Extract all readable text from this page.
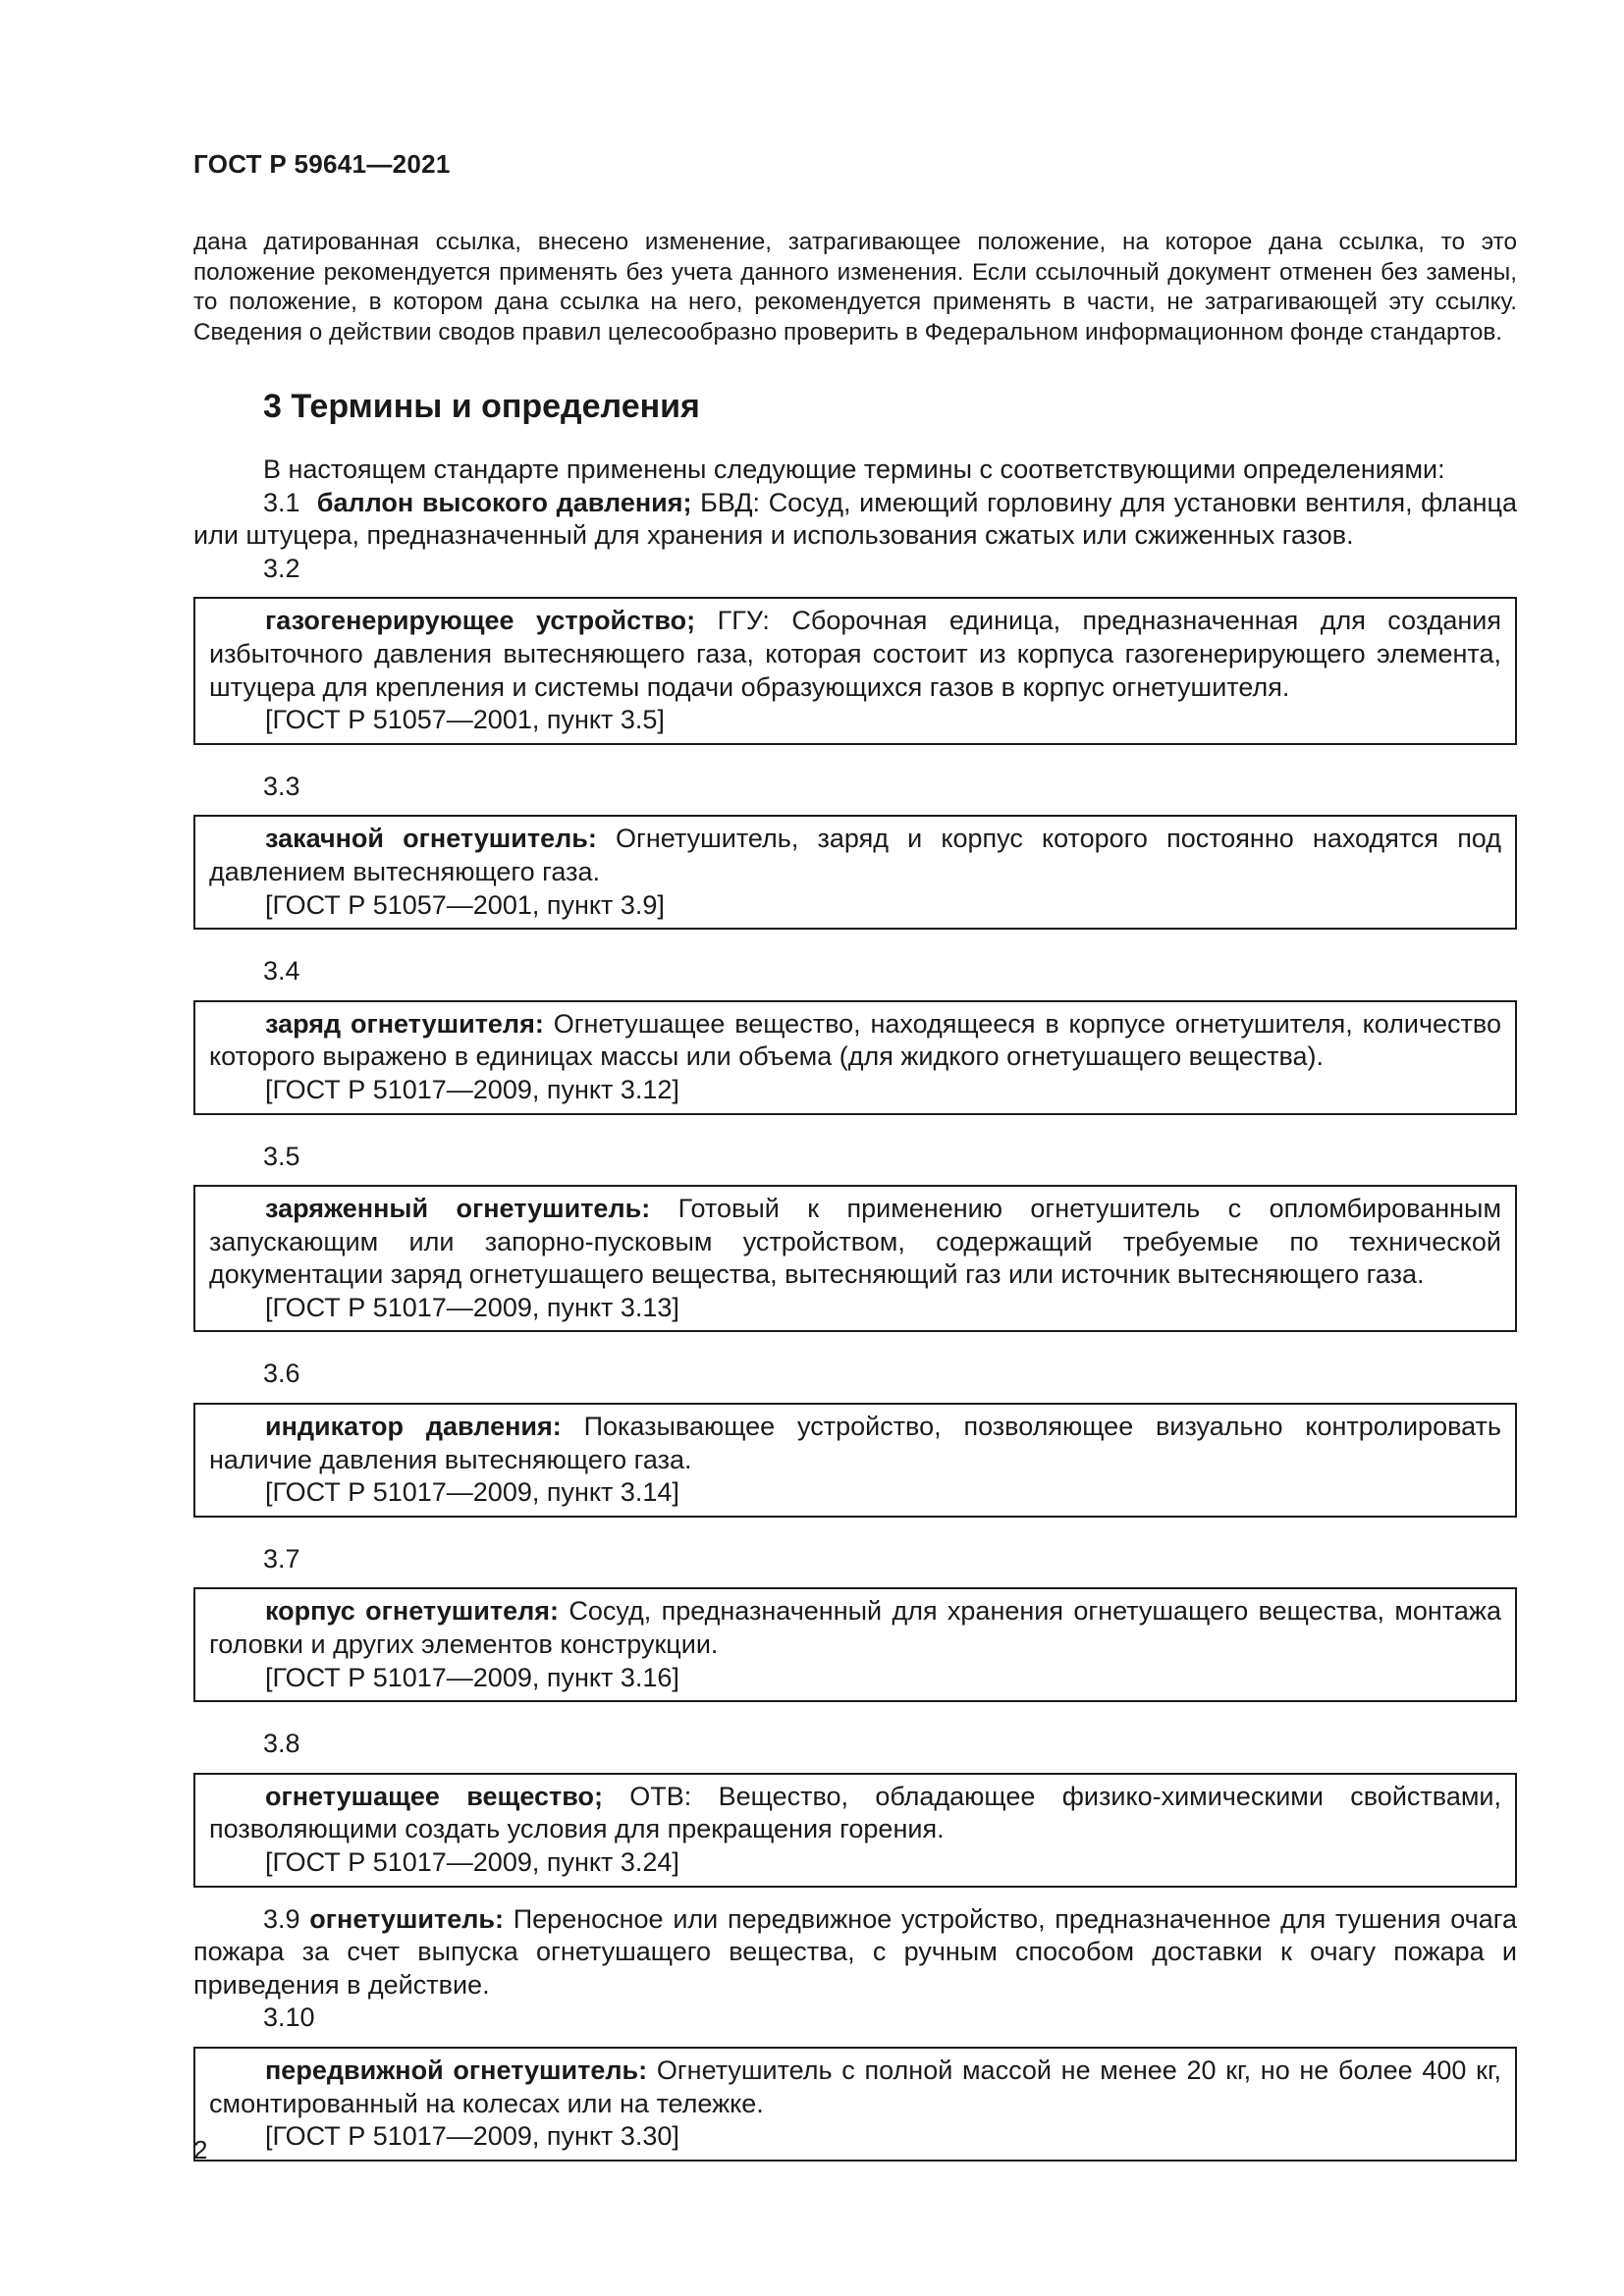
ГОСТ Р 59641—2021
дана датированная ссылка, внесено изменение, затрагивающее положение, на которое дана ссылка, то это положение рекомендуется применять без учета данного изменения. Если ссылочный документ отменен без замены, то положение, в котором дана ссылка на него, рекомендуется применять в части, не затрагивающей эту ссылку. Сведения о действии сводов правил целесообразно проверить в Федеральном информационном фонде стандартов.
3 Термины и определения

В настоящем стандарте применены следующие термины с соответствующими определениями:

3.1 баллон высокого давления; БВД: Сосуд, имеющий горловину для установки вентиля, фланца или штуцера, предназначенный для хранения и использования сжатых или сжиженных газов.

3.2

газогенерирующее устройство; ГГУ: Сборочная единица, предназначенная для создания избыточного давления вытесняющего газа, которая состоит из корпуса газогенерирующего элемента, штуцера для крепления и системы подачи образующихся газов в корпус огнетушителя.

[ГОСТ Р 51057—2001, пункт 3.5]

3.3

закачной огнетушитель: Огнетушитель, заряд и корпус которого постоянно находятся под давлением вытесняющего газа.

[ГОСТ Р 51057—2001, пункт 3.9]

3.4

заряд огнетушителя: Огнетушащее вещество, находящееся в корпусе огнетушителя, количество которого выражено в единицах массы или объема (для жидкого огнетушащего вещества).

[ГОСТ Р 51017—2009, пункт 3.12]

3.5

заряженный огнетушитель: Готовый к применению огнетушитель с опломбированным запускающим или запорно-пусковым устройством, содержащий требуемые по технической документации заряд огнетушащего вещества, вытесняющий газ или источник вытесняющего газа.

[ГОСТ Р 51017—2009, пункт 3.13]

3.6

индикатор давления: Показывающее устройство, позволяющее визуально контролировать наличие давления вытесняющего газа.

[ГОСТ Р 51017—2009, пункт 3.14]

3.7

корпус огнетушителя: Сосуд, предназначенный для хранения огнетушащего вещества, монтажа головки и других элементов конструкции.

[ГОСТ Р 51017—2009, пункт 3.16]

3.8

огнетушащее вещество; ОТВ: Вещество, обладающее физико-химическими свойствами, позволяющими создать условия для прекращения горения.

[ГОСТ Р 51017—2009, пункт 3.24]

3.9 огнетушитель: Переносное или передвижное устройство, предназначенное для тушения очага пожара за счет выпуска огнетушащего вещества, с ручным способом доставки к очагу пожара и приведения в действие.

3.10

передвижной огнетушитель: Огнетушитель с полной массой не менее 20 кг, но не более 400 кг, смонтированный на колесах или на тележке.

[ГОСТ Р 51017—2009, пункт 3.30]

2
